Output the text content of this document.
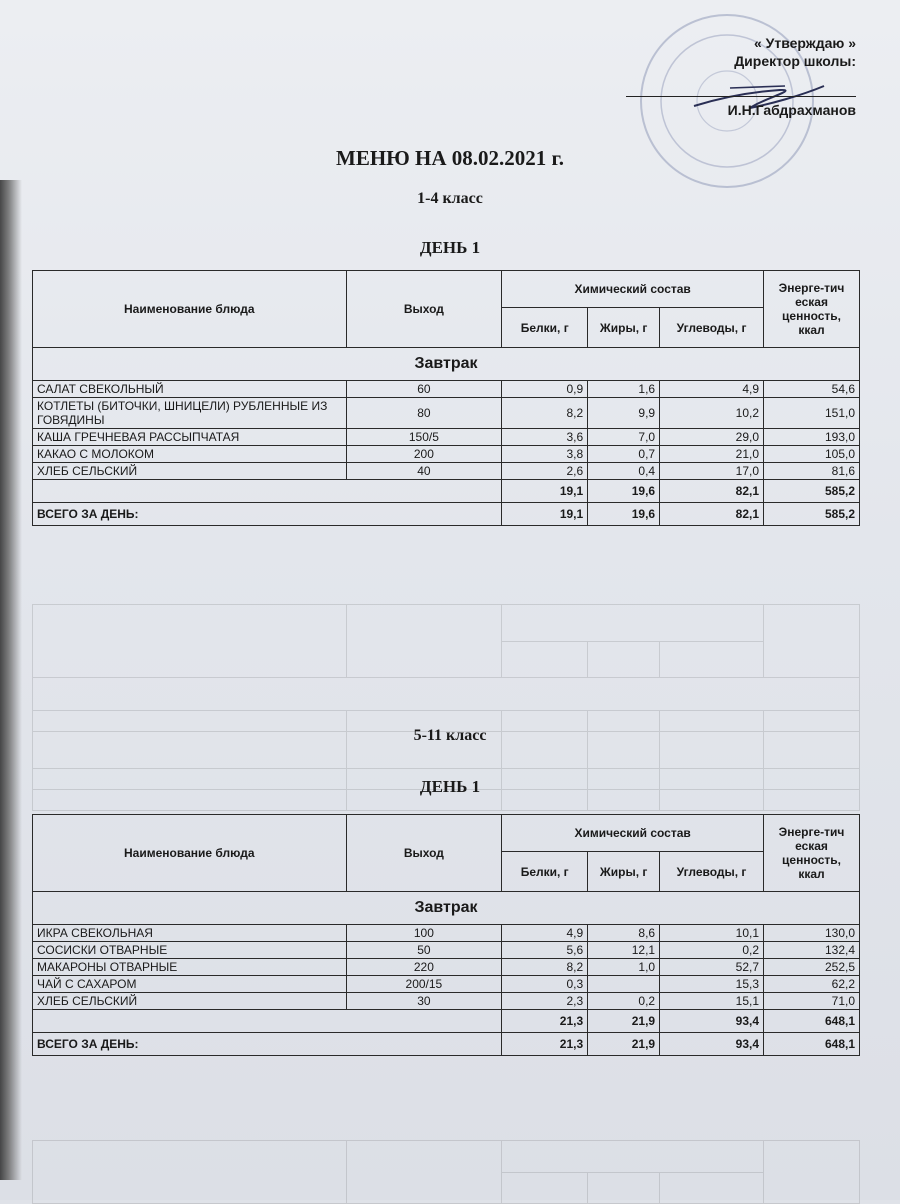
« Утверждаю »
Директор школы:
И.Н.Габдрахманов
МЕНЮ НА 08.02.2021 г.
1-4 класс
ДЕНЬ 1
Наименование блюда	Выход	Химический состав			Энерге-тич еская ценность, ккал
		Белки, г	Жиры, г	Углеводы, г	
Завтрак					
САЛАТ СВЕКОЛЬНЫЙ	60	0,9	1,6	4,9	54,6
КОТЛЕТЫ (БИТОЧКИ, ШНИЦЕЛИ) РУБЛЕННЫЕ ИЗ ГОВЯДИНЫ	80	8,2	9,9	10,2	151,0
КАША ГРЕЧНЕВАЯ РАССЫПЧАТАЯ	150/5	3,6	7,0	29,0	193,0
КАКАО С МОЛОКОМ	200	3,8	0,7	21,0	105,0
ХЛЕБ СЕЛЬСКИЙ	40	2,6	0,4	17,0	81,6
		19,1	19,6	82,1	585,2
ВСЕГО ЗА ДЕНЬ:		19,1	19,6	82,1	585,2

5-11 класс
ДЕНЬ 1
Наименование блюда	Выход	Химический состав			Энерге-тич еская ценность, ккал
		Белки, г	Жиры, г	Углеводы, г	
Завтрак					
ИКРА СВЕКОЛЬНАЯ	100	4,9	8,6	10,1	130,0
СОСИСКИ ОТВАРНЫЕ	50	5,6	12,1	0,2	132,4
МАКАРОНЫ ОТВАРНЫЕ	220	8,2	1,0	52,7	252,5
ЧАЙ С САХАРОМ	200/15	0,3		15,3	62,2
ХЛЕБ СЕЛЬСКИЙ	30	2,3	0,2	15,1	71,0
		21,3	21,9	93,4	648,1
ВСЕГО ЗА ДЕНЬ:		21,3	21,9	93,4	648,1
